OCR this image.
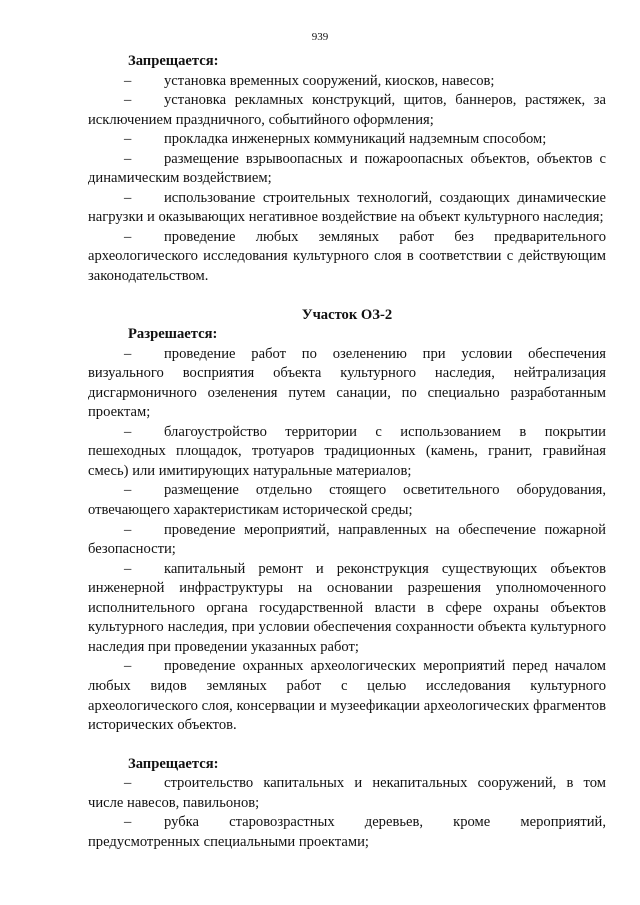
939

Запрещается:

–	установка временных сооружений, киосков, навесов;
–	установка рекламных конструкций, щитов, баннеров, растяжек, за
исключением праздничного, событийного оформления;
–	прокладка инженерных коммуникаций надземным способом;
–	размещение взрывоопасных и пожароопасных объектов, объектов с
динамическим воздействием;
–	использование строительных технологий, создающих динамические
нагрузки и оказывающих негативное воздействие на объект культурного наследия;
–	проведение любых земляных работ без предварительного
археологического исследования культурного слоя в соответствии с действующим законодательством.

Участок ОЗ-2

Разрешается:

–	проведение работ по озеленению при условии обеспечения
визуального восприятия объекта культурного наследия, нейтрализация дисгармоничного озеленения путем санации, по специально разработанным проектам;
–	благоустройство территории с использованием в покрытии
пешеходных площадок, тротуаров традиционных (камень, гранит, гравийная смесь) или имитирующих натуральные материалов;
–	размещение отдельно стоящего осветительного оборудования,
отвечающего характеристикам исторической среды;
–	проведение мероприятий, направленных на обеспечение пожарной
безопасности;
–	капитальный ремонт и реконструкция существующих объектов
инженерной инфраструктуры на основании разрешения уполномоченного исполнительного органа государственной власти в сфере охраны объектов культурного наследия, при условии обеспечения сохранности объекта культурного наследия при проведении указанных работ;
–	проведение охранных археологических мероприятий перед началом
любых видов земляных работ с целью исследования культурного археологического слоя, консервации и музеефикации археологических фрагментов исторических объектов.

Запрещается:

–	строительство капитальных и некапитальных сооружений, в том
числе навесов, павильонов;
–	рубка старовозрастных деревьев, кроме мероприятий,
предусмотренных специальными проектами;
